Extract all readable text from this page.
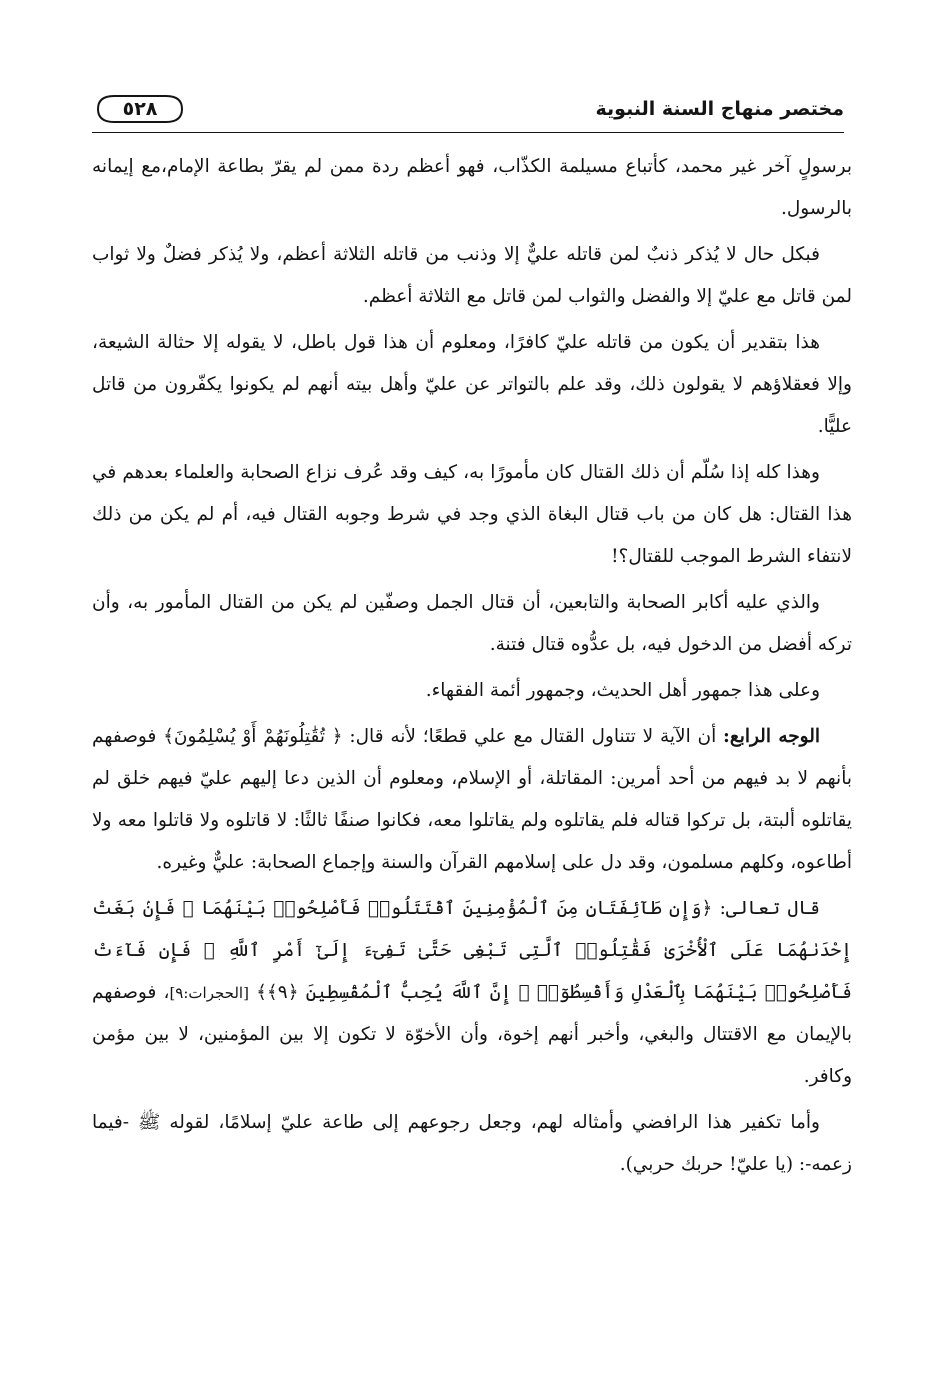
مختصر منهاج السنة النبوية
٥٢٨

برسولٍ آخر غير محمد، كأتباع مسيلمة الكذّاب، فهو أعظم ردة ممن لم يقرّ بطاعة الإمام،مع إيمانه بالرسول.

فبكل حال لا يُذكر ذنبٌ لمن قاتله عليٌّ إلا وذنب من قاتله الثلاثة أعظم، ولا يُذكر فضلٌ ولا ثواب لمن قاتل مع عليّ إلا والفضل والثواب لمن قاتل مع الثلاثة أعظم.

هذا بتقدير أن يكون من قاتله عليّ كافرًا، ومعلوم أن هذا قول باطل، لا يقوله إلا حثالة الشيعة، وإلا فعقلاؤهم لا يقولون ذلك، وقد علم بالتواتر عن عليّ وأهل بيته أنهم لم يكونوا يكفّرون من قاتل عليًّا.

وهذا كله إذا سُلّم أن ذلك القتال كان مأمورًا به، كيف وقد عُرف نزاع الصحابة والعلماء بعدهم في هذا القتال: هل كان من باب قتال البغاة الذي وجد في شرط وجوبه القتال فيه، أم لم يكن من ذلك لانتفاء الشرط الموجب للقتال؟!

والذي عليه أكابر الصحابة والتابعين، أن قتال الجمل وصفّين لم يكن من القتال المأمور به، وأن تركه أفضل من الدخول فيه، بل عدُّوه قتال فتنة.

وعلى هذا جمهور أهل الحديث، وجمهور أئمة الفقهاء.

الوجه الرابع: أن الآية لا تتناول القتال مع علي قطعًا؛ لأنه قال: ﴿ تُقَٰتِلُونَهُمْ أَوْ يُسْلِمُونَ﴾ فوصفهم بأنهم لا بد فيهم من أحد أمرين: المقاتلة، أو الإسلام، ومعلوم أن الذين دعا إليهم عليّ فيهم خلق لم يقاتلوه ألبتة، بل تركوا قتاله فلم يقاتلوه ولم يقاتلوا معه، فكانوا صنفًا ثالثًا: لا قاتلوه ولا قاتلوا معه ولا أطاعوه، وكلهم مسلمون، وقد دل على إسلامهم القرآن والسنة وإجماع الصحابة: عليٌّ وغيره.

قال تعالى: ﴿وَإِن طَآئِفَتَانِ مِنَ ٱلْمُؤْمِنِينَ ٱقْتَتَلُوا۟ فَأَصْلِحُوا۟ بَيْنَهُمَا ۖ فَإِنۢ بَغَتْ إِحْدَىٰهُمَا عَلَى ٱلْأُخْرَىٰ فَقَٰتِلُوا۟ ٱلَّتِى تَبْغِى حَتَّىٰ تَفِىٓءَ إِلَىٰٓ أَمْرِ ٱللَّهِ ۚ فَإِن فَآءَتْ فَأَصْلِحُوا۟ بَيْنَهُمَا بِٱلْعَدْلِ وَأَقْسِطُوٓا۟ ۖ إِنَّ ٱللَّهَ يُحِبُّ ٱلْمُقْسِطِينَ ﴿٩﴾﴾ [الحجرات:٩]، فوصفهم بالإيمان مع الاقتتال والبغي، وأخبر أنهم إخوة، وأن الأخوّة لا تكون إلا بين المؤمنين، لا بين مؤمن وكافر.

وأما تكفير هذا الرافضي وأمثاله لهم، وجعل رجوعهم إلى طاعة عليّ إسلامًا، لقوله ﷺ -فيما زعمه-: (يا عليّ! حربك حربي).
